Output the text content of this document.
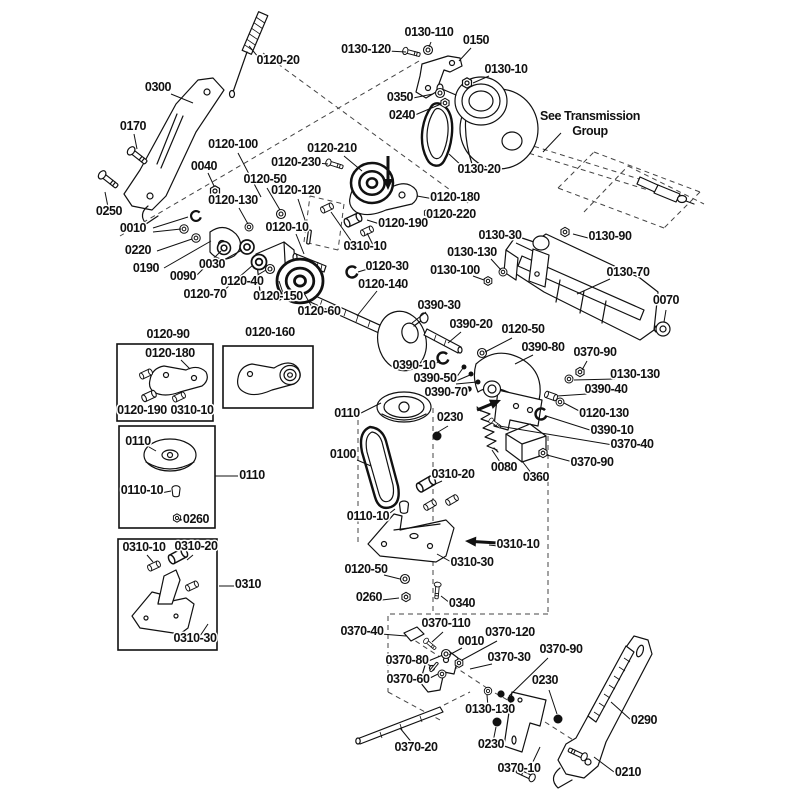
0120-20
0130-120
0130-110
0150
0130-10
0350
0240
0300
0170
0250
See Transmission
Group
0130-20
0120-100
0040
0120-210
0120-230
0120-50
0120-120
0120-130
0010
0220
0190
0090
0030
0120-70
0120-40
0120-150
0120-60
0120-10
0310-10
0120-30
0120-140
0120-180
0120-220
0120-190
0130-30	0130-90
0130-130
0130-100	0130-70
0070
0390-30
0390-20 0120-50
0390-80 0370-90
0130-130
0390-40
0120-130
0390-10
0370-40
0370-90
0390-10
0390-50
0390-70
0110	0230
0100
0080
0360
0310-20
0110-10
0310-10
0310-30
0120-50
0260	0340
0370-40
0370-110
0010
0370-120
0370-80	0370-30
0370-60
0370-90
0230
0130-130
0230
0370-20
0370-10
0290
0210
0120-90	0120-160
0120-180
0120-190 0310-10
0110
0110-10
0260
0110
0310-10 0310-20
0310-30
0310
